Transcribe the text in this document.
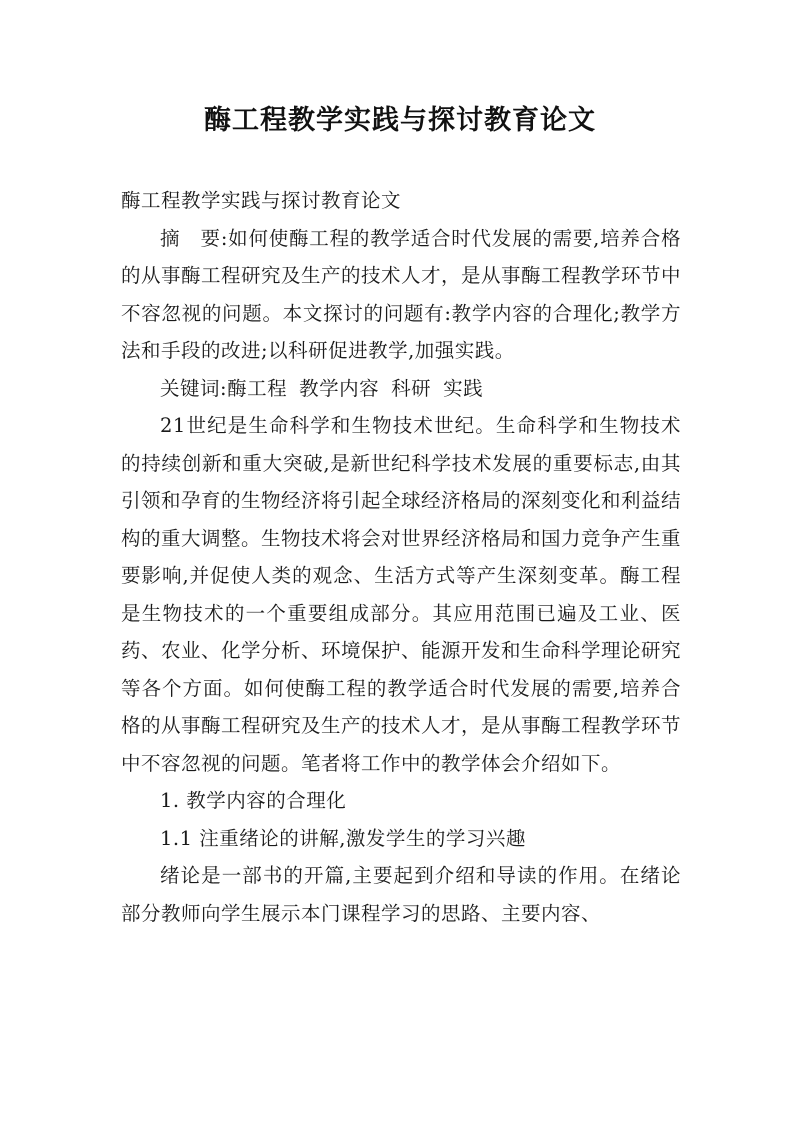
酶工程教学实践与探讨教育论文

酶工程教学实践与探讨教育论文

摘　要:如何使酶工程的教学适合时代发展的需要,培养合格的从事酶工程研究及生产的技术人才，是从事酶工程教学环节中不容忽视的问题。本文探讨的问题有:教学内容的合理化;教学方法和手段的改进;以科研促进教学,加强实践。

关键词:酶工程 教学内容 科研 实践

21世纪是生命科学和生物技术世纪。生命科学和生物技术的持续创新和重大突破,是新世纪科学技术发展的重要标志,由其引领和孕育的生物经济将引起全球经济格局的深刻变化和利益结构的重大调整。生物技术将会对世界经济格局和国力竞争产生重要影响,并促使人类的观念、生活方式等产生深刻变革。酶工程是生物技术的一个重要组成部分。其应用范围已遍及工业、医药、农业、化学分析、环境保护、能源开发和生命科学理论研究等各个方面。如何使酶工程的教学适合时代发展的需要,培养合格的从事酶工程研究及生产的技术人才，是从事酶工程教学环节中不容忽视的问题。笔者将工作中的教学体会介绍如下。

1. 教学内容的合理化

1.1 注重绪论的讲解,激发学生的学习兴趣

绪论是一部书的开篇,主要起到介绍和导读的作用。在绪论部分教师向学生展示本门课程学习的思路、主要内容、
